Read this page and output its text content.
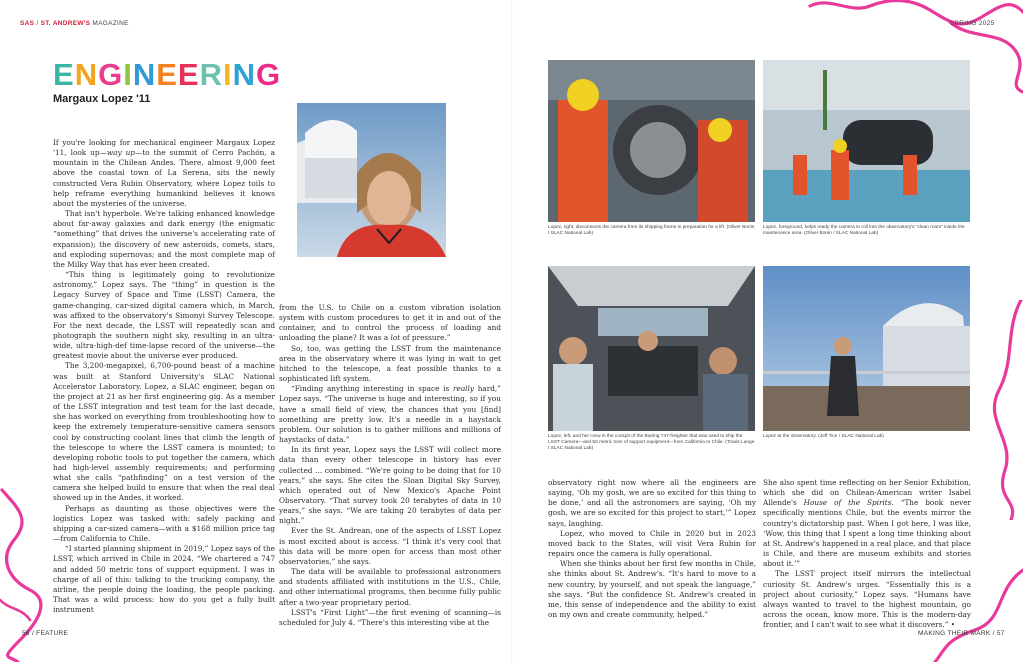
SAS / ST. ANDREW'S MAGAZINE	SPRING 2025
ENGINEERING
Margaux Lopez '11

If you're looking for mechanical engineer Margaux Lopez '11, look up—way up—to the summit of Cerro Pachón, a mountain in the Chilean Andes. There, almost 9,000 feet above the coastal town of La Serena, sits the newly constructed Vera Rubin Observatory, where Lopez toils to help reframe everything humankind believes it knows about the mysteries of the universe.

That isn't hyperbole. We're talking enhanced knowledge about far-away galaxies and dark energy (the enigmatic “something” that drives the universe's accelerating rate of expansion); the discovery of new asteroids, comets, stars, and exploding supernovas; and the most complete map of the Milky Way that has ever been created.

“This thing is legitimately going to revolutionize astronomy,” Lopez says. The “thing” in question is the Legacy Survey of Space and Time (LSST) Camera, the game-changing, car-sized digital camera which, in March, was affixed to the observatory's Simonyi Survey Telescope. For the next decade, the LSST will repeatedly scan and photograph the southern night sky, resulting in an ultra-wide, ultra-high-def time-lapse record of the universe—the greatest movie about the universe ever produced.

The 3,200-megapixel, 6,700-pound beast of a machine was built at Stanford University's SLAC National Accelerator Laboratory. Lopez, a SLAC engineer, began on the project at 21 as her first engineering gig. As a member of the LSST integration and test team for the last decade, she has worked on everything from troubleshooting how to keep the extremely temperature-sensitive camera sensors cool by constructing coolant lines that climb the length of the telescope to where the LSST camera is mounted; to developing robotic tools to put together the camera, which had high-level assembly requirements; and performing what she calls “pathfinding” on a test version of the camera she helped build to ensure that when the real deal showed up in the Andes, it worked.

Perhaps as daunting as those objectives were the logistics Lopez was tasked with: safely packing and shipping a car-sized camera—with a $168 million price tag—from California to Chile.

“I started planning shipment in 2019,” Lopez says of the LSST, which arrived in Chile in 2024. “We chartered a 747 and added 50 metric tons of support equipment. I was in charge of all of this: talking to the trucking company, the airline, the people doing the loading, the people packing. That was a wild process: how do you get a fully built instrument

from the U.S. to Chile on a custom vibration isolation system with custom procedures to get it in and out of the container, and to control the process of loading and unloading the plane? It was a lot of pressure.”

So, too, was getting the LSST from the maintenance area in the observatory where it was lying in wait to get hitched to the telescope, a feat possible thanks to a sophisticated lift system.

“Finding anything interesting in space is really hard,” Lopez says. “The universe is huge and interesting, so if you have a small field of view, the chances that you [find] something are pretty low. It's a needle in a haystack problem. Our solution is to gather millions and millions of haystacks of data.”

In its first year, Lopez says the LSST will collect more data than every other telescope in history has ever collected … combined. “We're going to be doing that for 10 years,” she says. She cites the Sloan Digital Sky Survey, which operated out of New Mexico's Apache Point Observatory. “That survey took 20 terabytes of data in 10 years,” she says. “We are taking 20 terabytes of data per night.”

Ever the St. Andrean, one of the aspects of LSST Lopez is most excited about is access. “I think it's very cool that this data will be more open for access than most other observatories,” she says.

The data will be available to professional astronomers and students affiliated with institutions in the U.S., Chile, and other international programs, then become fully public after a two-year proprietary period.

LSST's “First Light”—the first evening of scanning—is scheduled for July 4. “There's this interesting vibe at the

Lopez, right, disconnects the camera from its shipping frame in preparation for a lift. (Oliver Bonin / SLAC National Lab)
Lopez, foreground, helps ready the camera to roll into the observatory's “clean room” inside the maintenance area. (Oliver Bonin / SLAC National Lab)
Lopez, left, and her crew in the cockpit of the Boeing 747-freighter that was used to ship the LSST Camera—and 50 metric tons of support equipment—from California to Chile. (Travis Lange / SLAC National Lab)
Lopez at the observatory. (Jeff Tice / SLAC National Lab)

observatory right now where all the engineers are saying, ‘Oh my gosh, we are so excited for this thing to be done,’ and all the astronomers are saying, ‘Oh my gosh, we are so excited for this project to start,’” Lopez says, laughing.

Lopez, who moved to Chile in 2020 but in 2023 moved back to the States, will visit Vera Rubin for repairs once the camera is fully operational.

When she thinks about her first few months in Chile, she thinks about St. Andrew's. “It's hard to move to a new country, by yourself, and not speak the language,” she says. “But the confidence St. Andrew's created in me, this sense of independence and the ability to exist on my own and create community, helped.”

She also spent time reflecting on her Senior Exhibition, which she did on Chilean-American writer Isabel Allende's House of the Spirits. “The book never specifically mentions Chile, but the events mirror the country's dictatorship past. When I got here, I was like, ‘Wow, this thing that I spent a long time thinking about at St. Andrew's happened in a real place, and that place is Chile, and there are museum exhibits and stories about it.’”

The LSST project itself mirrors the intellectual curiosity St. Andrew's urges. “Essentially this is a project about curiosity,” Lopez says. “Humans have always wanted to travel to the highest mountain, go across the ocean, know more. This is the modern-day frontier, and I can't wait to see what it discovers.” •

56 / FEATURE	MAKING THEIR MARK / 57
